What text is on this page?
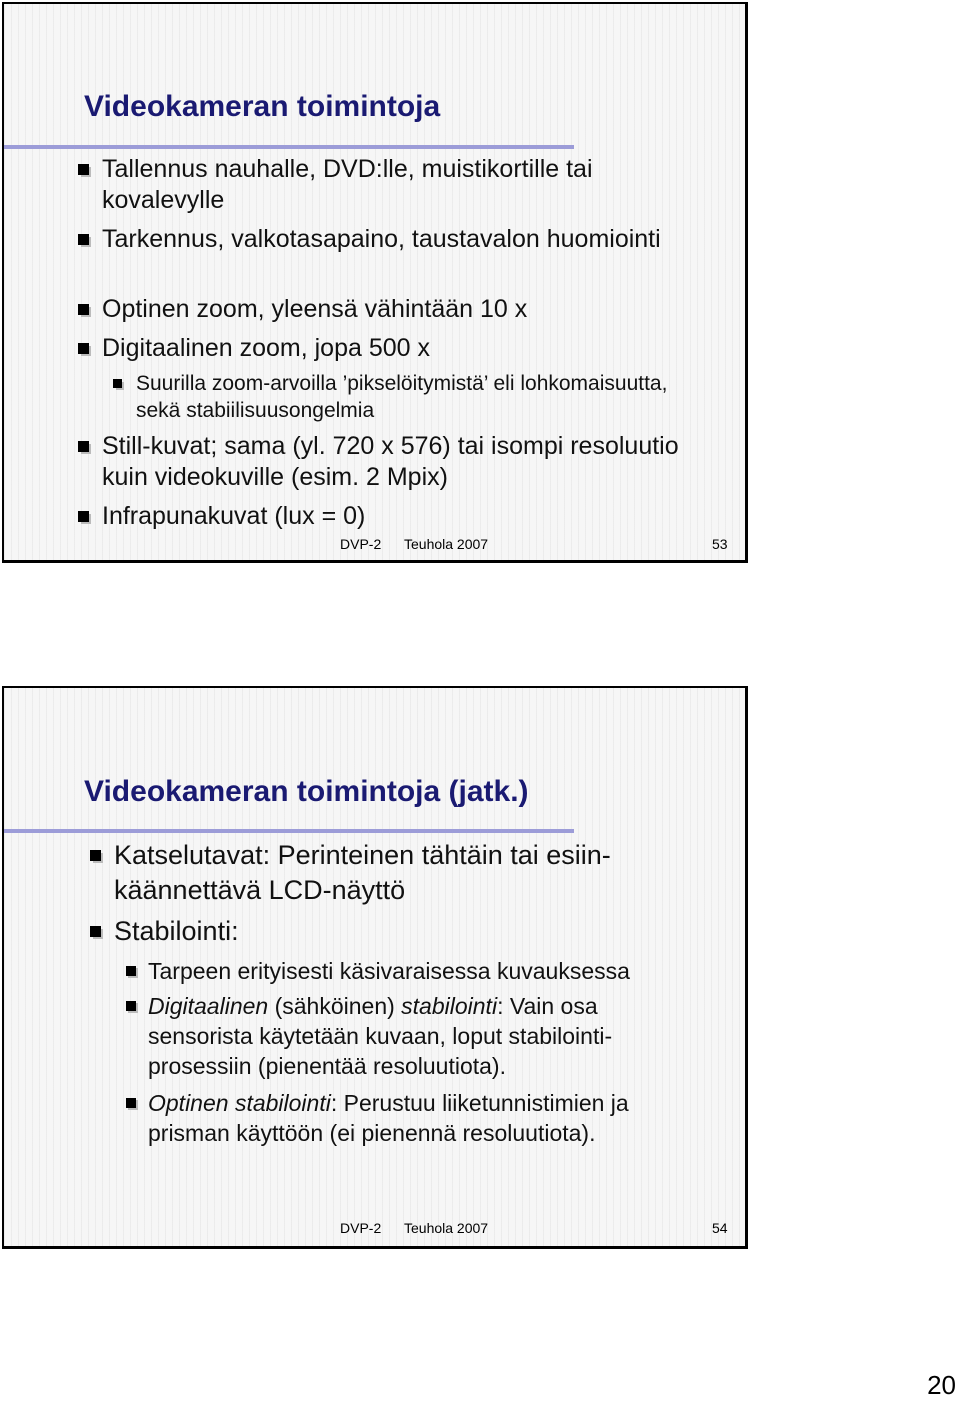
Videokameran toimintoja
Tallennus nauhalle, DVD:lle, muistikortille tai kovalevylle
Tarkennus, valkotasapaino, taustavalon huomiointi
Optinen zoom, yleensä vähintään 10 x
Digitaalinen zoom, jopa 500 x
Suurilla zoom-arvoilla ’pikselöitymistä’ eli lohkomaisuutta, sekä stabiilisuusongelmia
Still-kuvat; sama (yl. 720 x 576) tai isompi resoluutio kuin videokuville (esim. 2 Mpix)
Infrapunakuvat (lux = 0)
DVP-2 Teuhola 2007	53
Videokameran toimintoja (jatk.)
Katselutavat: Perinteinen tähtäin tai esiin-käännettävä LCD-näyttö
Stabilointi:
Tarpeen erityisesti käsivaraisessa kuvauksessa
Digitaalinen (sähköinen) stabilointi: Vain osa sensorista käytetään kuvaan, loput stabilointi-prosessiin (pienentää resoluutiota).
Optinen stabilointi: Perustuu liiketunnistimien ja prisman käyttöön (ei pienennä resoluutiota).
DVP-2 Teuhola 2007	54
20
